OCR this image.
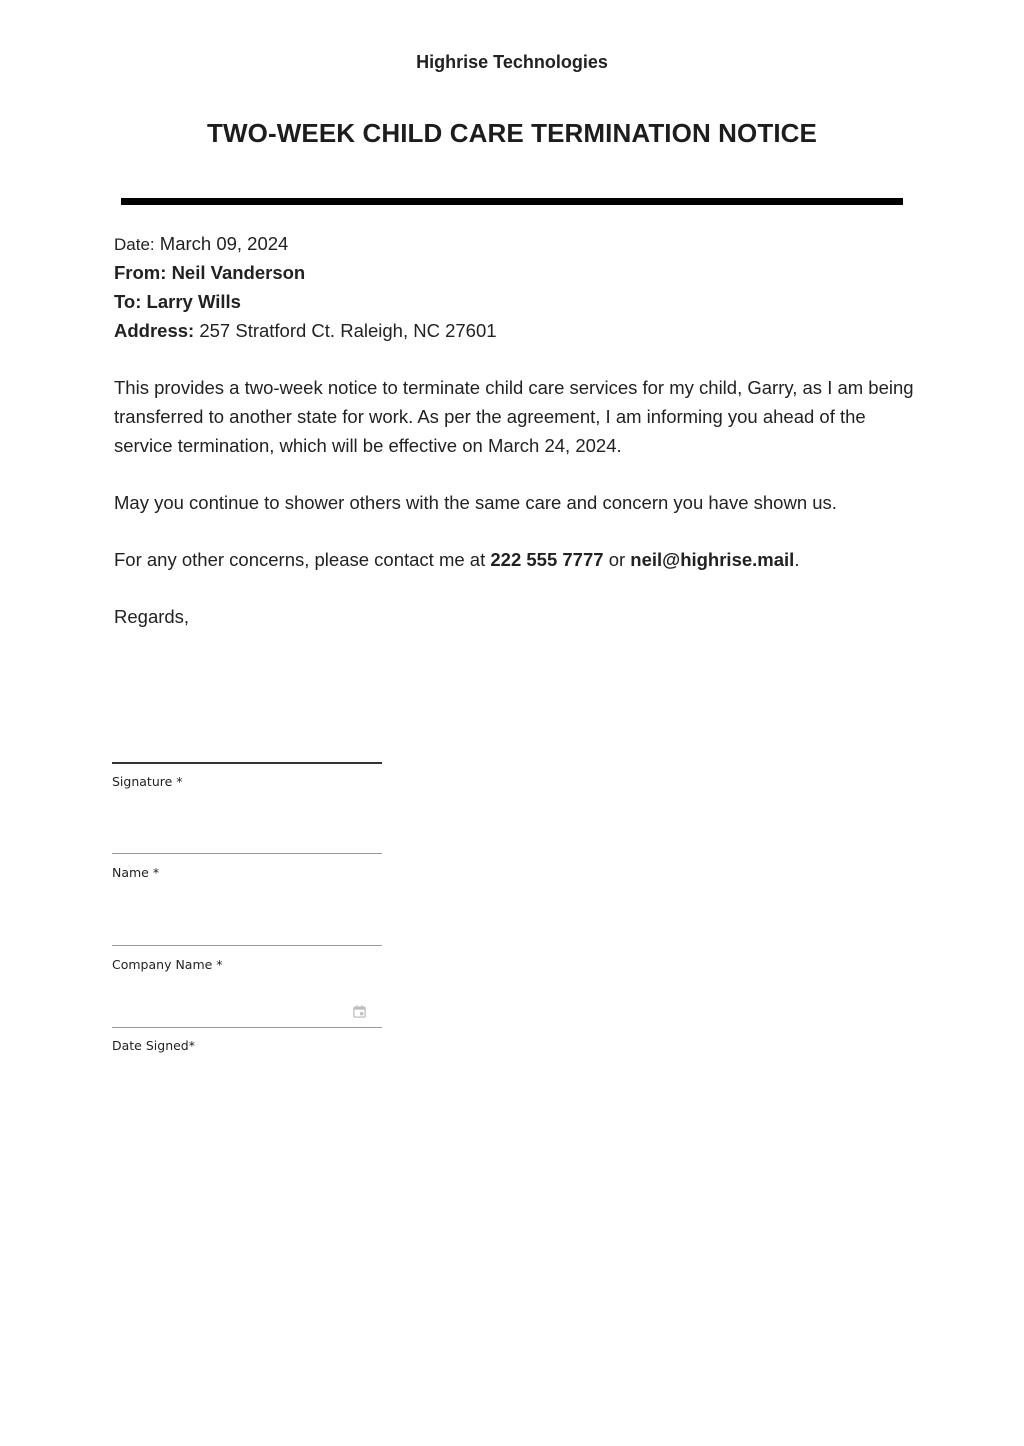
Highrise Technologies
TWO-WEEK CHILD CARE TERMINATION NOTICE
Date: March 09, 2024
From: Neil Vanderson
To: Larry Wills
Address: 257 Stratford Ct. Raleigh, NC 27601
This provides a two-week notice to terminate child care services for my child, Garry, as I am being transferred to another state for work. As per the agreement, I am informing you ahead of the service termination, which will be effective on March 24, 2024.
May you continue to shower others with the same care and concern you have shown us.
For any other concerns, please contact me at 222 555 7777 or neil@highrise.mail.
Regards,
Signature *
Name *
Company Name *
Date Signed*
